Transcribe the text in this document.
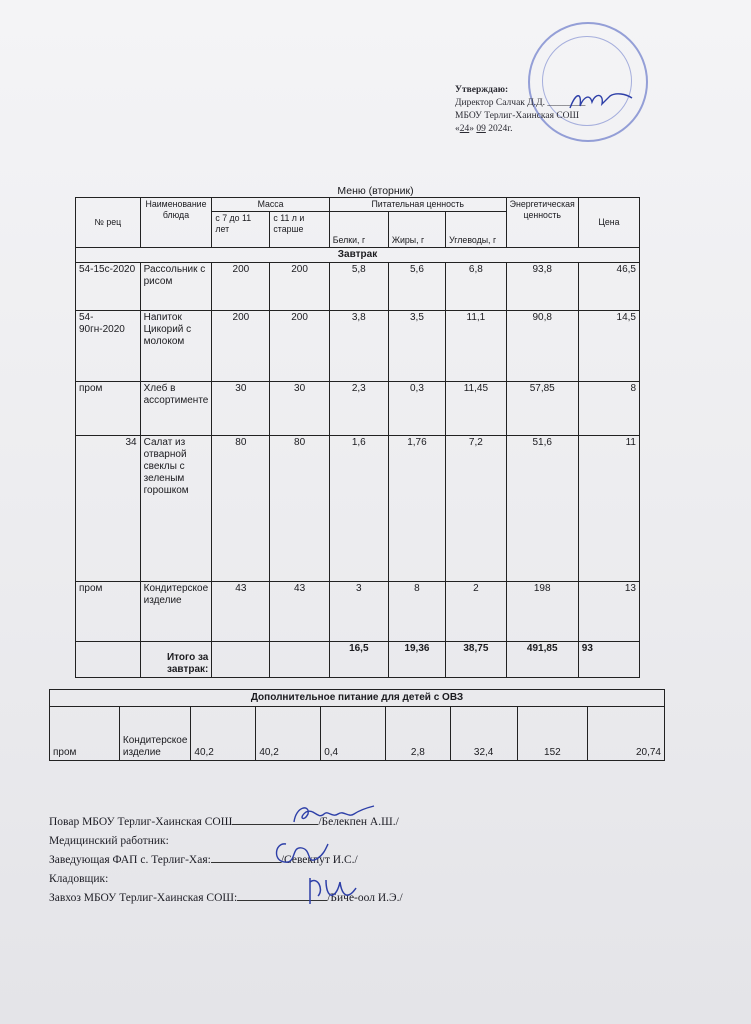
Утверждаю:
Директор Салчак Д.Д. ________
МБОУ Терлиг-Хаинская СОШ
«24» 09 2024г.
Меню (вторник)
№ рец	Наименование блюда	Масса		Питательная ценность			Энергетическая ценность	Цена
		с 7 до 11 лет	с 11 л и старше	Белки, г	Жиры, г	Углеводы, г		
Завтрак								
54-15с-2020	Рассольник с рисом	200	200	5,8	5,6	6,8	93,8	46,5
54-90гн-2020	Напиток Цикорий с молоком	200	200	3,8	3,5	11,1	90,8	14,5
пром	Хлеб в ассортименте	30	30	2,3	0,3	11,45	57,85	8
34	Салат из отварной свеклы с зеленым горошком	80	80	1,6	1,76	7,2	51,6	11
пром	Кондитерское изделие	43	43	3	8	2	198	13
	Итого за завтрак:			16,5	19,36	38,75	491,85	93
Дополнительное питание для детей с ОВЗ
пром	Кондитерское изделие	40,2	40,2	0,4	2,8	32,4	152	20,74
Повар МБОУ Терлиг-Хаинская СОШ	/Белекпен А.Ш./
Медицинский работник:
Заведующая ФАП с. Терлиг-Хая:	/Севекпут И.С./
Кладовщик:
Завхоз МБОУ Терлиг-Хаинская СОШ:	/Биче-оол И.Э./
